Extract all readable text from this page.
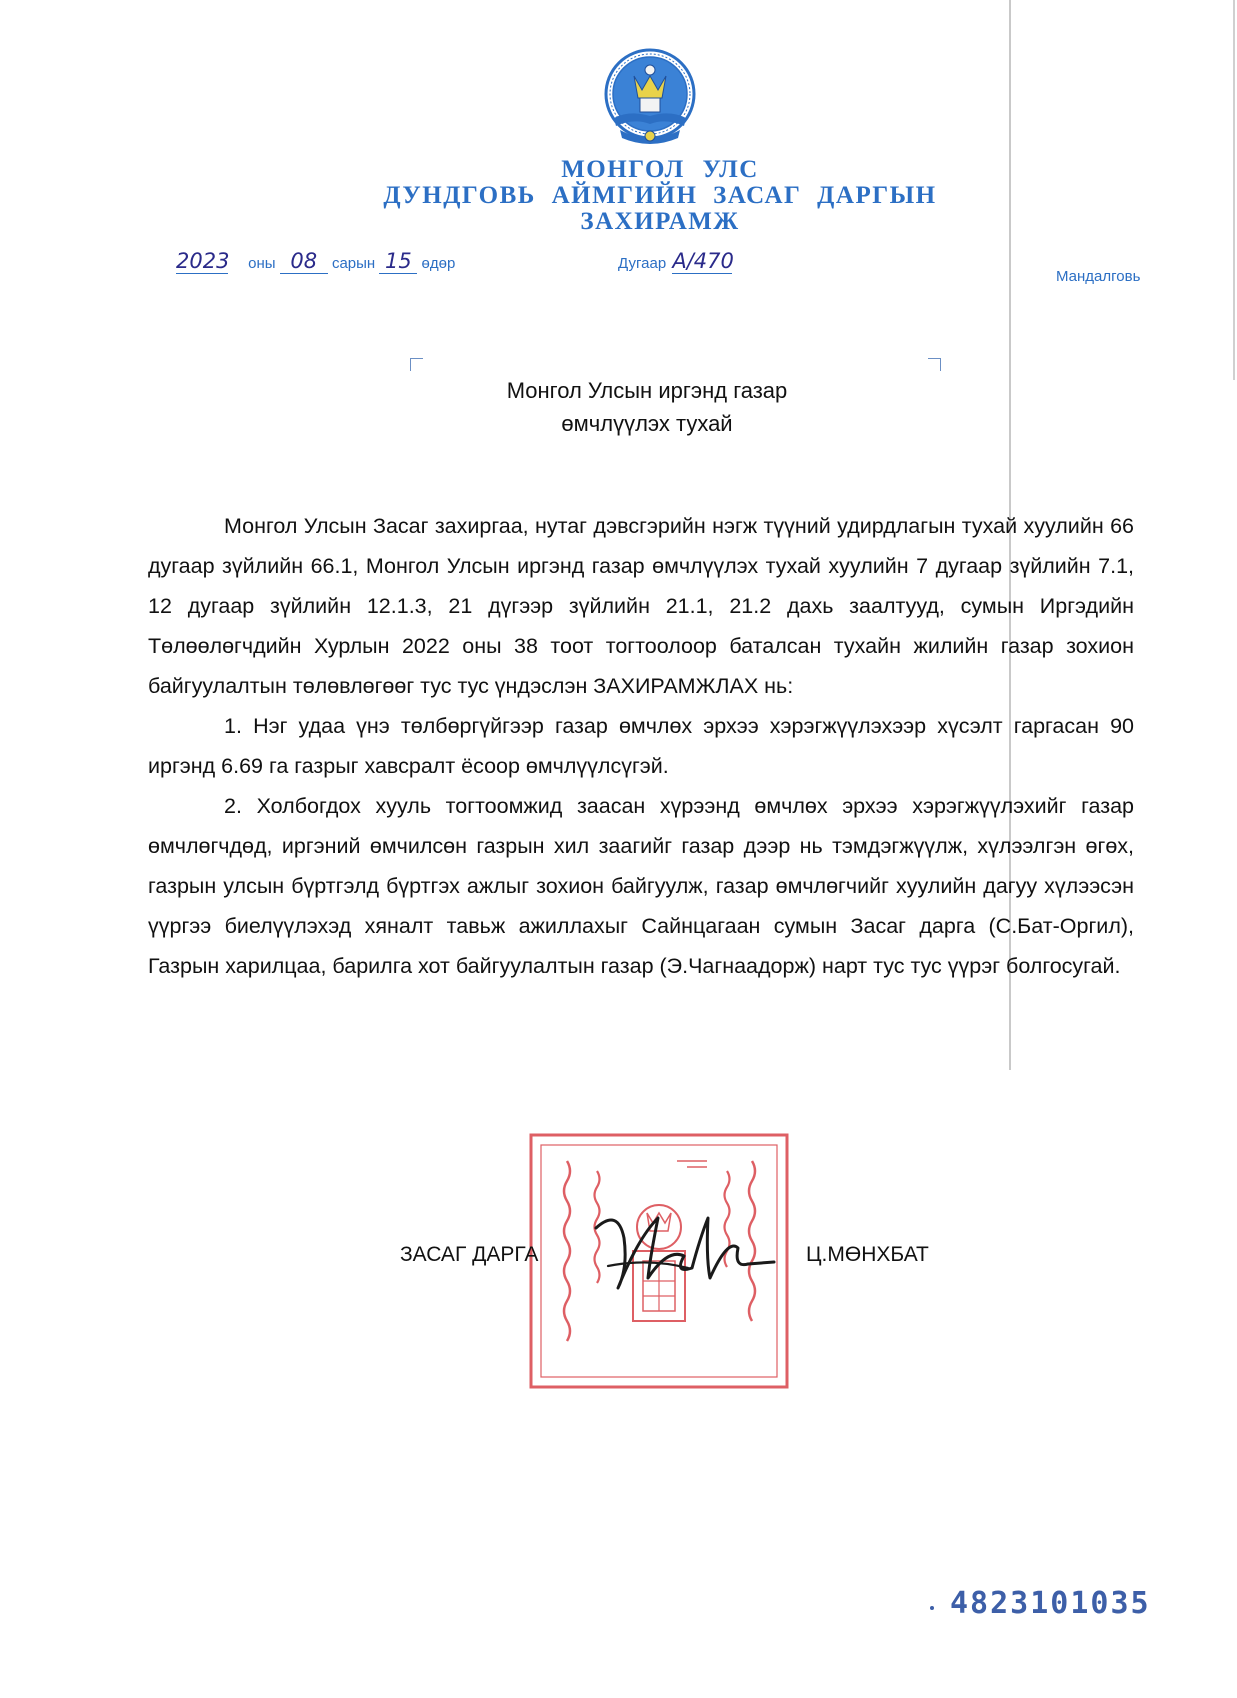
МОНГОЛ УЛС
ДУНДГОВЬ АЙМГИЙН ЗАСАГ ДАРГЫН
ЗАХИРАМЖ
2023 оны 08 сарын 15 өдөр	Дугаар А/470
Мандалговь
Монгол Улсын иргэнд газар
өмчлүүлэх тухай

Монгол Улсын Засаг захиргаа, нутаг дэвсгэрийн нэгж түүний удирдлагын тухай хуулийн 66 дугаар зүйлийн 66.1, Монгол Улсын иргэнд газар өмчлүүлэх тухай хуулийн 7 дугаар зүйлийн 7.1, 12 дугаар зүйлийн 12.1.3, 21 дүгээр зүйлийн 21.1, 21.2 дахь заалтууд, сумын Иргэдийн Төлөөлөгчдийн Хурлын 2022 оны 38 тоот тогтоолоор баталсан тухайн жилийн газар зохион байгуулалтын төлөвлөгөөг тус тус үндэслэн ЗАХИРАМЖЛАХ нь:

1. Нэг удаа үнэ төлбөргүйгээр газар өмчлөх эрхээ хэрэгжүүлэхээр хүсэлт гаргасан 90 иргэнд 6.69 га газрыг хавсралт ёсоор өмчлүүлсүгэй.

2. Холбогдох хууль тогтоомжид заасан хүрээнд өмчлөх эрхээ хэрэгжүүлэхийг газар өмчлөгчдөд, иргэний өмчилсөн газрын хил заагийг газар дээр нь тэмдэгжүүлж, хүлээлгэн өгөх, газрын улсын бүртгэлд бүртгэх ажлыг зохион байгуулж, газар өмчлөгчийг хуулийн дагуу хүлээсэн үүргээ биелүүлэхэд хяналт тавьж ажиллахыг Сайнцагаан сумын Засаг дарга (С.Бат-Оргил), Газрын харилцаа, барилга хот байгуулалтын газар (Э.Чагнаадорж) нарт тус тус үүрэг болгосугай.

ЗАСАГ ДАРГА	Ц.МӨНХБАТ
4823101035
